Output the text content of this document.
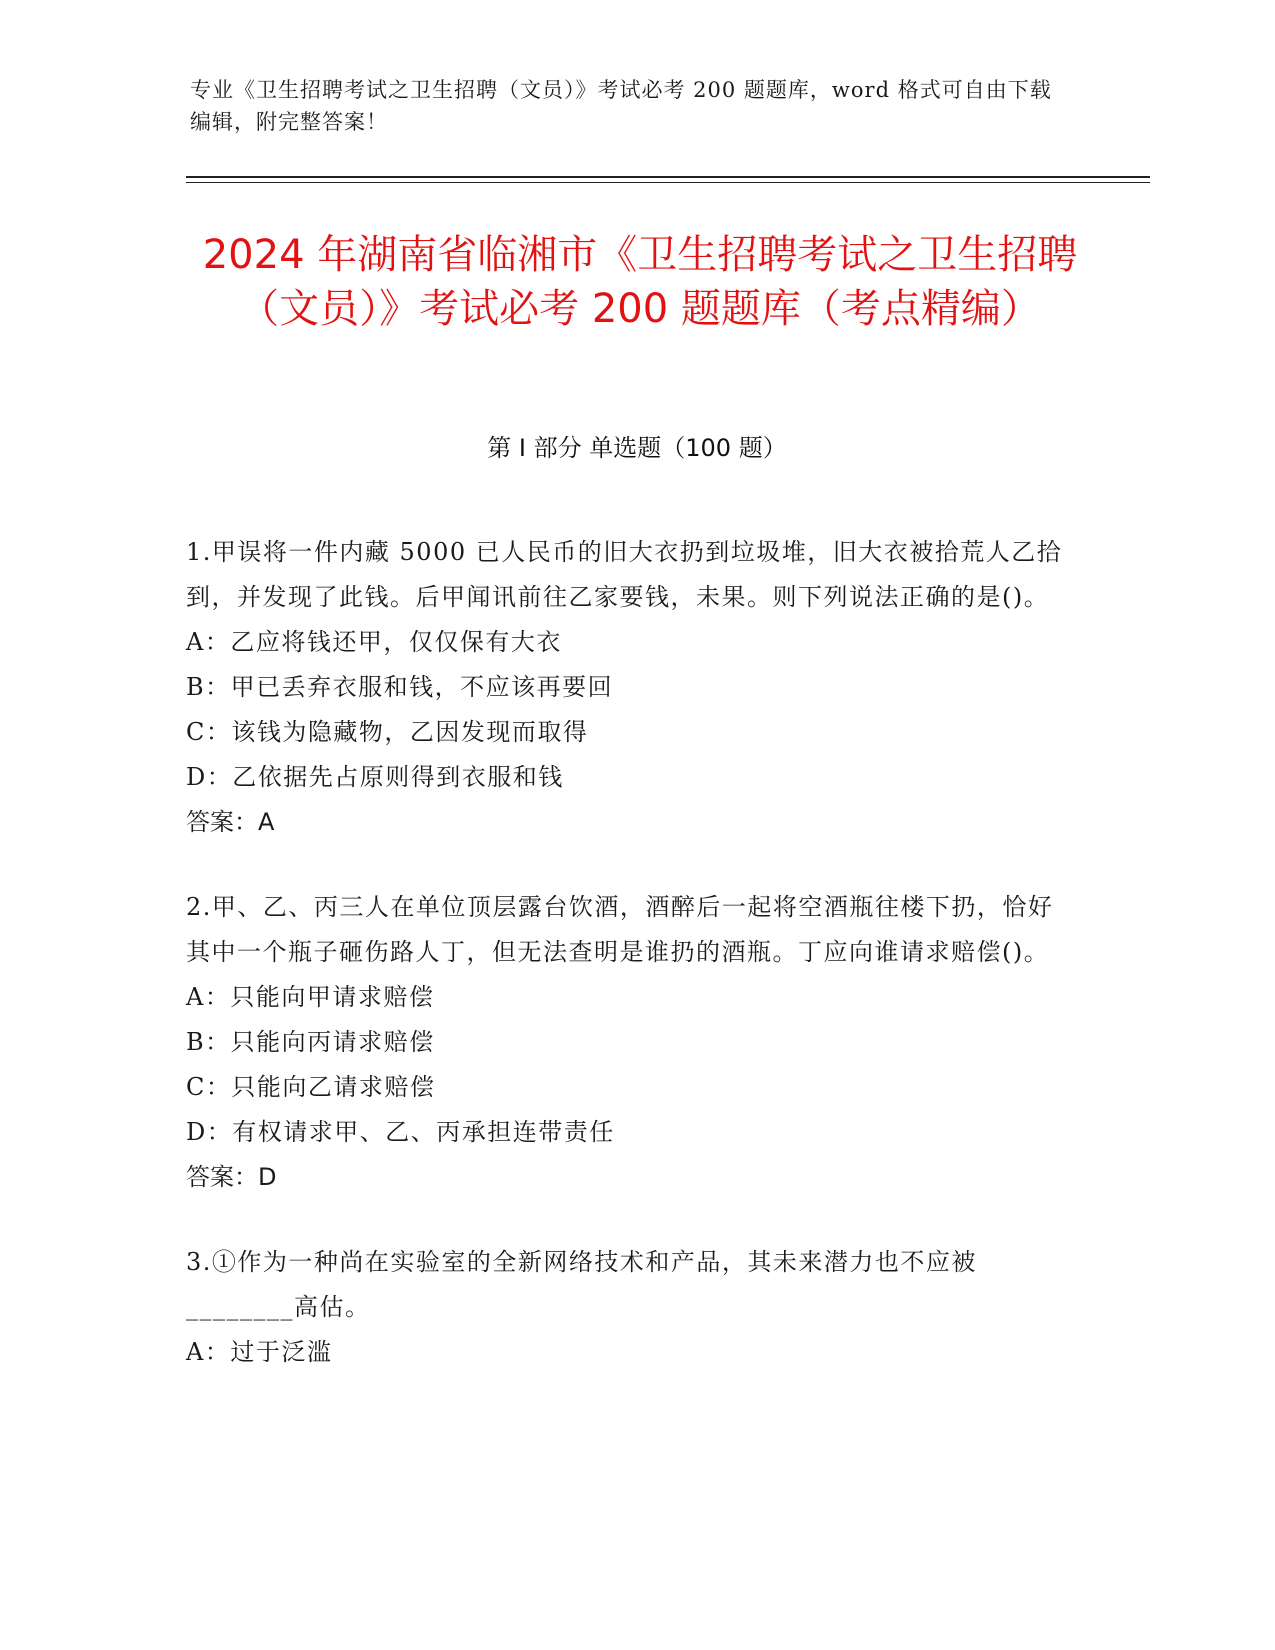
专业《卫生招聘考试之卫生招聘（文员）》考试必考 200 题题库，word 格式可自由下载编辑，附完整答案！
2024 年湖南省临湘市《卫生招聘考试之卫生招聘（文员）》考试必考 200 题题库（考点精编）
第 I 部分 单选题（100 题）

1.甲误将一件内藏 5000 已人民币的旧大衣扔到垃圾堆，旧大衣被拾荒人乙拾到，并发现了此钱。后甲闻讯前往乙家要钱，未果。则下列说法正确的是()。

A：乙应将钱还甲，仅仅保有大衣

B：甲已丢弃衣服和钱，不应该再要回

C：该钱为隐藏物，乙因发现而取得

D：乙依据先占原则得到衣服和钱

答案：A

2.甲、乙、丙三人在单位顶层露台饮酒，酒醉后一起将空酒瓶往楼下扔，恰好其中一个瓶子砸伤路人丁，但无法查明是谁扔的酒瓶。丁应向谁请求赔偿()。

A：只能向甲请求赔偿

B：只能向丙请求赔偿

C：只能向乙请求赔偿

D：有权请求甲、乙、丙承担连带责任

答案：D

3.①作为一种尚在实验室的全新网络技术和产品，其未来潜力也不应被________高估。

A：过于泛滥
